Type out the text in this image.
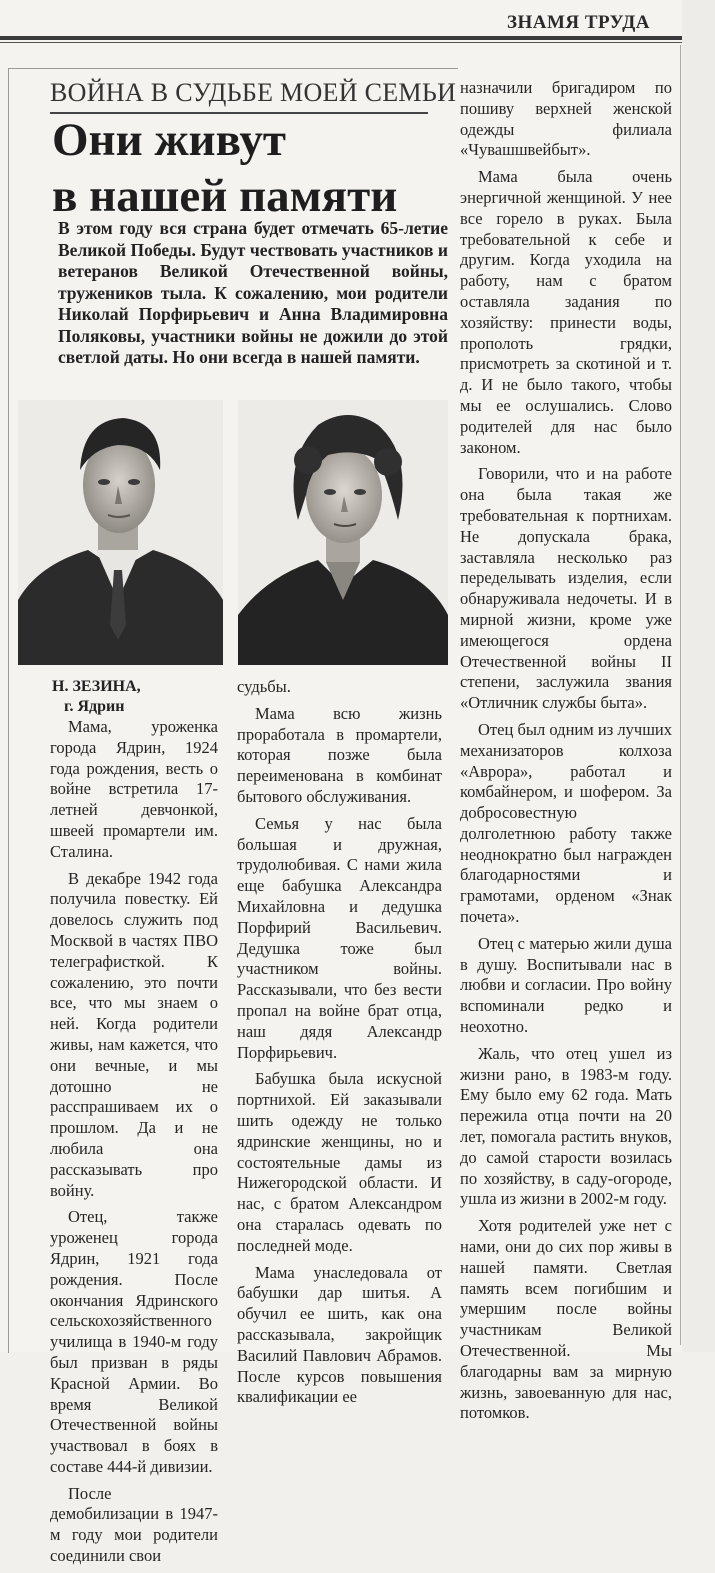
ЗНАМЯ ТРУДА
ВОЙНА В СУДЬБЕ МОЕЙ СЕМЬИ
Они живут
в нашей памяти
В этом году вся страна будет отмечать 65-летие Великой Победы. Будут чествовать участников и ветеранов Великой Отечественной войны, тружеников тыла. К сожалению, мои родители Николай Порфирьевич и Анна Владимировна Поляковы, участники войны не дожили до этой светлой даты. Но они всегда в нашей памяти.
Н. ЗЕЗИНА,
г. Ядрин

Мама, уроженка города Ядрин, 1924 года рождения, весть о войне встретила 17-летней девчонкой, швеей промартели им. Сталина.

В декабре 1942 года получила повестку. Ей довелось служить под Москвой в частях ПВО телеграфисткой. К сожалению, это почти все, что мы знаем о ней. Когда родители живы, нам кажется, что они вечные, и мы дотошно не расспрашиваем их о прошлом. Да и не любила она рассказывать про войну.

Отец, также уроженец города Ядрин, 1921 года рождения. После окончания Ядринского сельскохозяйственного училища в 1940-м году был призван в ряды Красной Армии. Во время Великой Отечественной войны участвовал в боях в составе 444-й дивизии.

После демобилизации в 1947-м году мои родители соединили свои

судьбы.

Мама всю жизнь проработала в промартели, которая позже была переименована в комбинат бытового обслуживания.

Семья у нас была большая и дружная, трудолюбивая. С нами жила еще бабушка Александра Михайловна и дедушка Порфирий Васильевич. Дедушка тоже был участником войны. Рассказывали, что без вести пропал на войне брат отца, наш дядя Александр Порфирьевич.

Бабушка была искусной портнихой. Ей заказывали шить одежду не только ядринские женщины, но и состоятельные дамы из Нижегородской области. И нас, с братом Александром она старалась одевать по последней моде.

Мама унаследовала от бабушки дар шитья. А обучил ее шить, как она рассказывала, закройщик Василий Павлович Абрамов. После курсов повышения квалификации ее

назначили бригадиром по пошиву верхней женской одежды филиала «Чувашшвейбыт».

Мама была очень энергичной женщиной. У нее все горело в руках. Была требовательной к себе и другим. Когда уходила на работу, нам с братом оставляла задания по хозяйству: принести воды, прополоть грядки, присмотреть за скотиной и т. д. И не было такого, чтобы мы ее ослушались. Слово родителей для нас было законом.

Говорили, что и на работе она была такая же требовательная к портнихам. Не допускала брака, заставляла несколько раз переделывать изделия, если обнаруживала недочеты. И в мирной жизни, кроме уже имеющегося ордена Отечественной войны II степени, заслужила звания «Отличник службы быта».

Отец был одним из лучших механизаторов колхоза «Аврора», работал и комбайнером, и шофером. За добросовестную долголетнюю работу также неоднократно был награжден благодарностями и грамотами, орденом «Знак почета».

Отец с матерью жили душа в душу. Воспитывали нас в любви и согласии. Про войну вспоминали редко и неохотно.

Жаль, что отец ушел из жизни рано, в 1983-м году. Ему было ему 62 года. Мать пережила отца почти на 20 лет, помогала растить внуков, до самой старости возилась по хозяйству, в саду-огороде, ушла из жизни в 2002-м году.

Хотя родителей уже нет с нами, они до сих пор живы в нашей памяти. Светлая память всем погибшим и умершим после войны участникам Великой Отечественной. Мы благодарны вам за мирную жизнь, завоеванную для нас, потомков.
